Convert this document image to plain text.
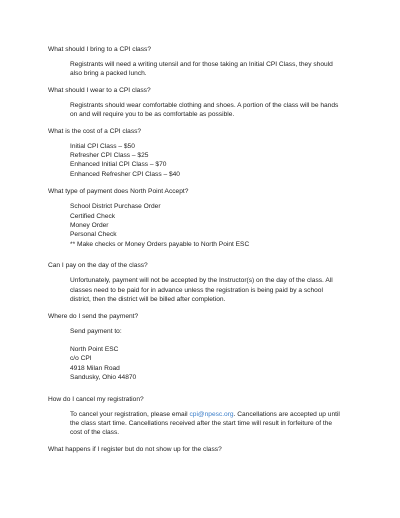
What should I bring to a CPI class?
Registrants will need a writing utensil and for those taking an Initial CPI Class, they should
also bring a packed lunch.
What should I wear to a CPI class?
Registrants should wear comfortable clothing and shoes. A portion of the class will be hands
on and will require you to be as comfortable as possible.
What is the cost of a CPI class?
Initial CPI Class – $50
Refresher CPI Class – $25
Enhanced Initial CPI Class – $70
Enhanced Refresher CPI Class – $40
What type of payment does North Point Accept?
School District Purchase Order
Certified Check
Money Order
Personal Check
** Make checks or Money Orders payable to North Point ESC
Can I pay on the day of the class?
Unfortunately, payment will not be accepted by the Instructor(s) on the day of the class. All
classes need to be paid for in advance unless the registration is being paid by a school
district, then the district will be billed after completion.
Where do I send the payment?
Send payment to:
North Point ESC
c/o CPI
4918 Milan Road
Sandusky, Ohio 44870
How do I cancel my registration?
To cancel your registration, please email cpi@npesc.org. Cancellations are accepted up until
the class start time. Cancellations received after the start time will result in forfeiture of the
cost of the class.
What happens if I register but do not show up for the class?
